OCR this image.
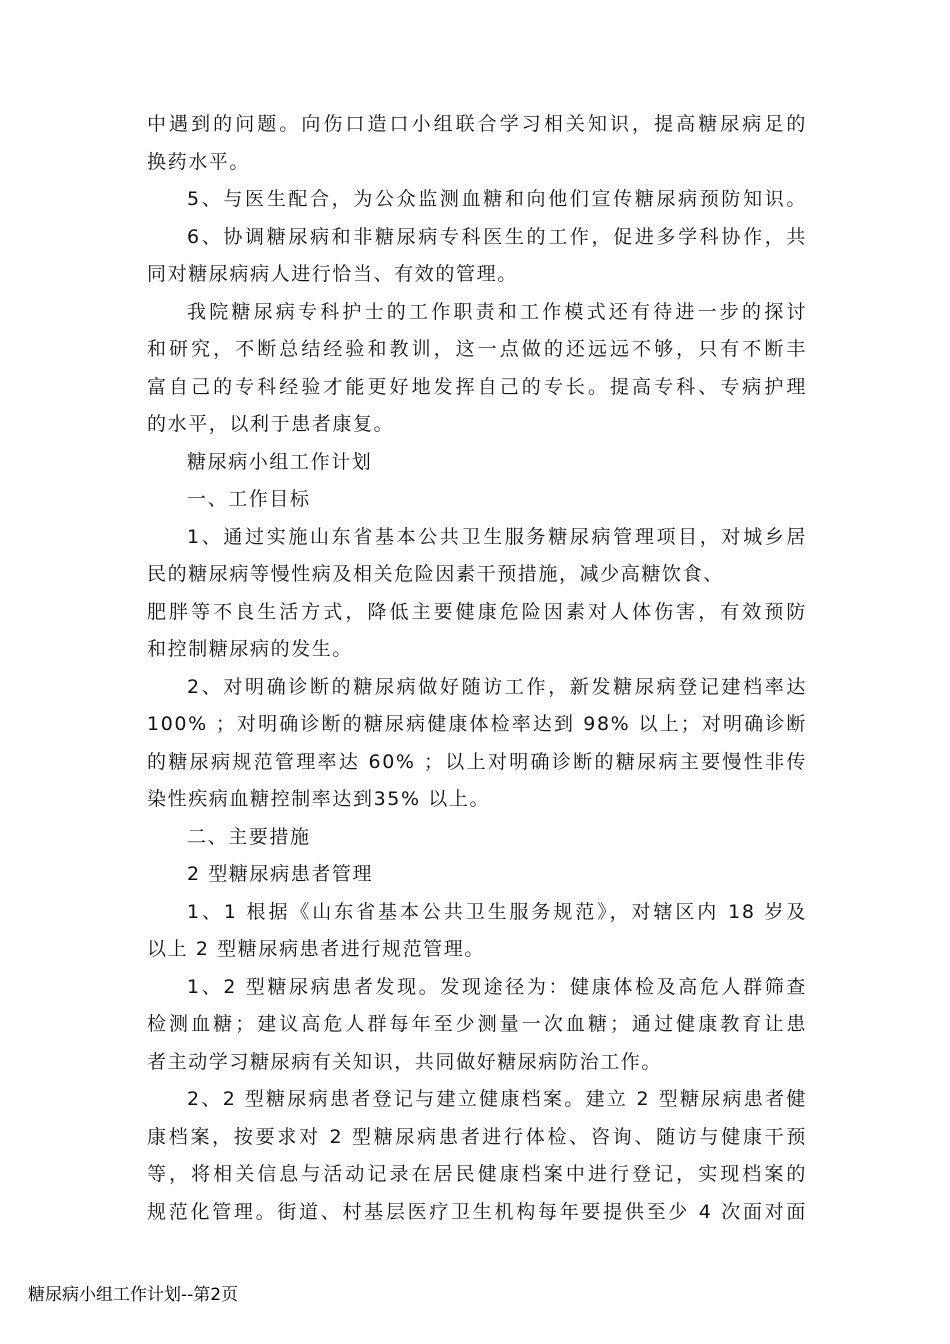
中遇到的问题。向伤口造口小组联合学习相关知识，提高糖尿病足的
换药水平。
5、与医生配合，为公众监测血糖和向他们宣传糖尿病预防知识。
6、协调糖尿病和非糖尿病专科医生的工作，促进多学科协作，共
同对糖尿病病人进行恰当、有效的管理。
我院糖尿病专科护士的工作职责和工作模式还有待进一步的探讨
和研究，不断总结经验和教训，这一点做的还远远不够，只有不断丰
富自己的专科经验才能更好地发挥自己的专长。提高专科、专病护理
的水平，以利于患者康复。
糖尿病小组工作计划
一、工作目标
1、通过实施山东省基本公共卫生服务糖尿病管理项目，对城乡居
民的糖尿病等慢性病及相关危险因素干预措施，减少高糖饮食、
肥胖等不良生活方式，降低主要健康危险因素对人体伤害，有效预防
和控制糖尿病的发生。
2、对明确诊断的糖尿病做好随访工作，新发糖尿病登记建档率达
100% ；对明确诊断的糖尿病健康体检率达到 98% 以上；对明确诊断
的糖尿病规范管理率达 60% ；以上对明确诊断的糖尿病主要慢性非传
染性疾病血糖控制率达到35% 以上。
二、主要措施
2 型糖尿病患者管理
1、1 根据《山东省基本公共卫生服务规范》，对辖区内 18 岁及
以上 2 型糖尿病患者进行规范管理。
1、2 型糖尿病患者发现。发现途径为：健康体检及高危人群筛查
检测血糖；建议高危人群每年至少测量一次血糖；通过健康教育让患
者主动学习糖尿病有关知识，共同做好糖尿病防治工作。
2、2 型糖尿病患者登记与建立健康档案。建立 2 型糖尿病患者健
康档案，按要求对 2 型糖尿病患者进行体检、咨询、随访与健康干预
等，将相关信息与活动记录在居民健康档案中进行登记，实现档案的
规范化管理。街道、村基层医疗卫生机构每年要提供至少 4 次面对面
糖尿病小组工作计划--第2页
